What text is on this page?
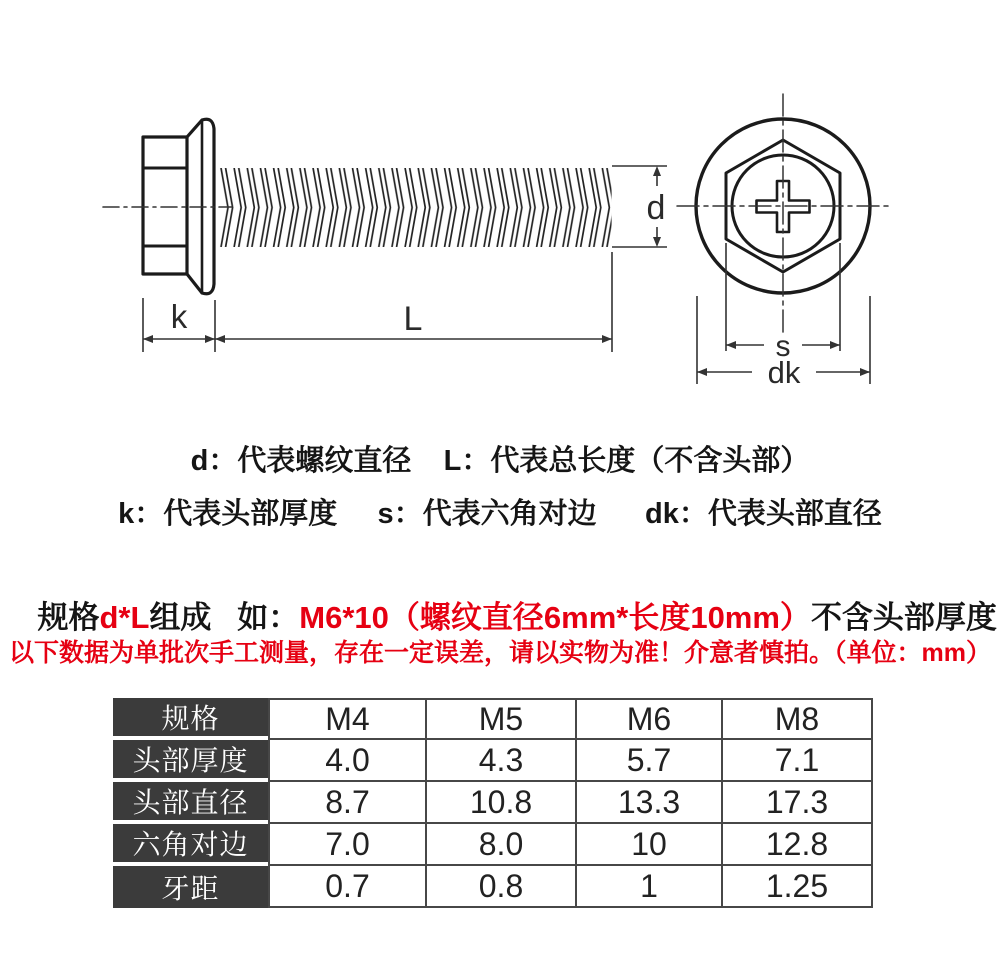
d
k	L
s
dk
d：代表螺纹直径    L：代表总长度（不含头部）
k：代表头部厚度     s：代表六角对边      dk：代表头部直径

规格d*L组成   如：M6*10（螺纹直径6mm*长度10mm）不含头部厚度

以下数据为单批次手工测量，存在一定误差，请以实物为准！介意者慎拍。（单位：mm）
规格	M4	M5	M6	M8
头部厚度	4.0	4.3	5.7	7.1
头部直径	8.7	10.8	13.3	17.3
六角对边	7.0	8.0	10	12.8
牙距	0.7	0.8	1	1.25
